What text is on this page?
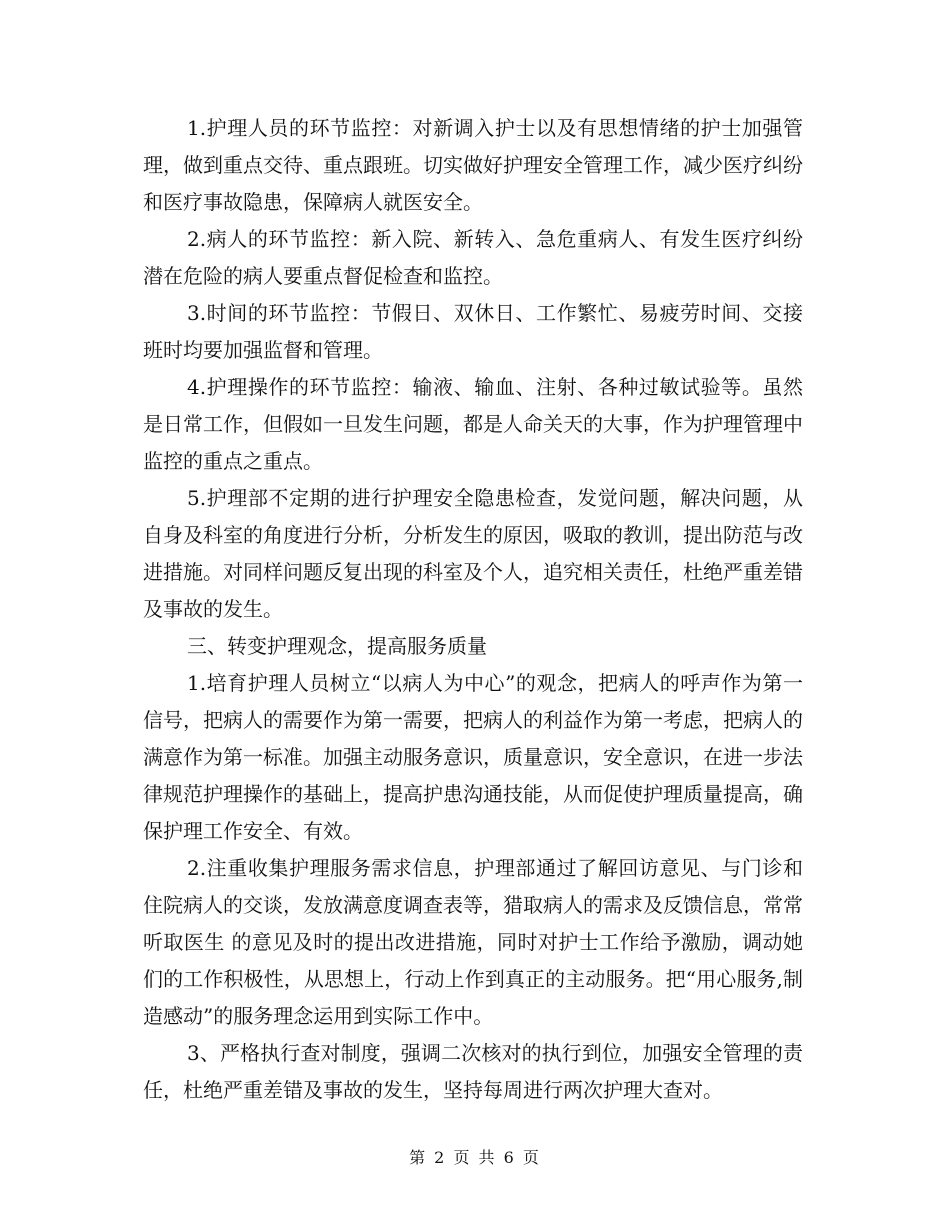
1.护理人员的环节监控：对新调入护士以及有思想情绪的护士加强管理，做到重点交待、重点跟班。切实做好护理安全管理工作，减少医疗纠纷和医疗事故隐患，保障病人就医安全。

2.病人的环节监控：新入院、新转入、急危重病人、有发生医疗纠纷潜在危险的病人要重点督促检查和监控。

3.时间的环节监控：节假日、双休日、工作繁忙、易疲劳时间、交接班时均要加强监督和管理。

4.护理操作的环节监控：输液、输血、注射、各种过敏试验等。虽然是日常工作，但假如一旦发生问题，都是人命关天的大事，作为护理管理中监控的重点之重点。

5.护理部不定期的进行护理安全隐患检查，发觉问题，解决问题，从自身及科室的角度进行分析，分析发生的原因，吸取的教训，提出防范与改进措施。对同样问题反复出现的科室及个人，追究相关责任，杜绝严重差错及事故的发生。

三、转变护理观念，提高服务质量

1.培育护理人员树立“以病人为中心”的观念，把病人的呼声作为第一信号，把病人的需要作为第一需要，把病人的利益作为第一考虑，把病人的满意作为第一标准。加强主动服务意识，质量意识，安全意识，在进一步法律规范护理操作的基础上，提高护患沟通技能，从而促使护理质量提高，确保护理工作安全、有效。

2.注重收集护理服务需求信息，护理部通过了解回访意见、与门诊和住院病人的交谈，发放满意度调查表等，猎取病人的需求及反馈信息，常常听取医生 的意见及时的提出改进措施，同时对护士工作给予激励，调动她们的工作积极性，从思想上，行动上作到真正的主动服务。把“用心服务,制造感动”的服务理念运用到实际工作中。

3、严格执行查对制度，强调二次核对的执行到位，加强安全管理的责任，杜绝严重差错及事故的发生，坚持每周进行两次护理大查对。

第 2 页 共 6 页
